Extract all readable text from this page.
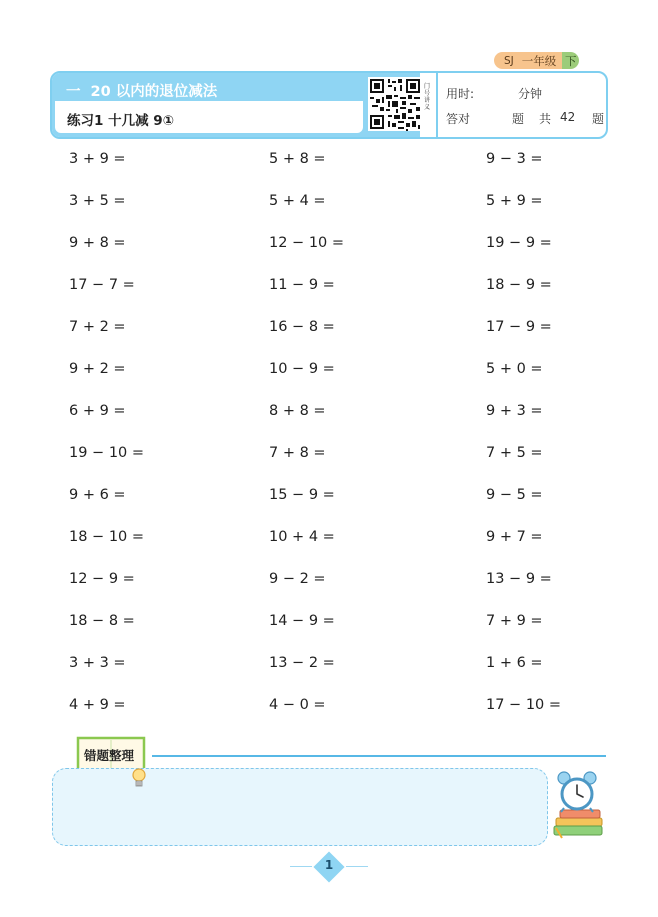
SJ 一年级 下
一 20 以内的退位减法
练习1 十几减 9①
门号讲义
用时:	分钟
答对	题 共 42 题
3 + 9 =
3 + 5 =
9 + 8 =
17 − 7 =
7 + 2 =
9 + 2 =
6 + 9 =
19 − 10 =
9 + 6 =
18 − 10 =
12 − 9 =
18 − 8 =
3 + 3 =
4 + 9 =
5 + 8 =
5 + 4 =
12 − 10 =
11 − 9 =
16 − 8 =
10 − 9 =
8 + 8 =
7 + 8 =
15 − 9 =
10 + 4 =
9 − 2 =
14 − 9 =
13 − 2 =
4 − 0 =
9 − 3 =
5 + 9 =
19 − 9 =
18 − 9 =
17 − 9 =
5 + 0 =
9 + 3 =
7 + 5 =
9 − 5 =
9 + 7 =
13 − 9 =
7 + 9 =
1 + 6 =
17 − 10 =
错题整理
1
